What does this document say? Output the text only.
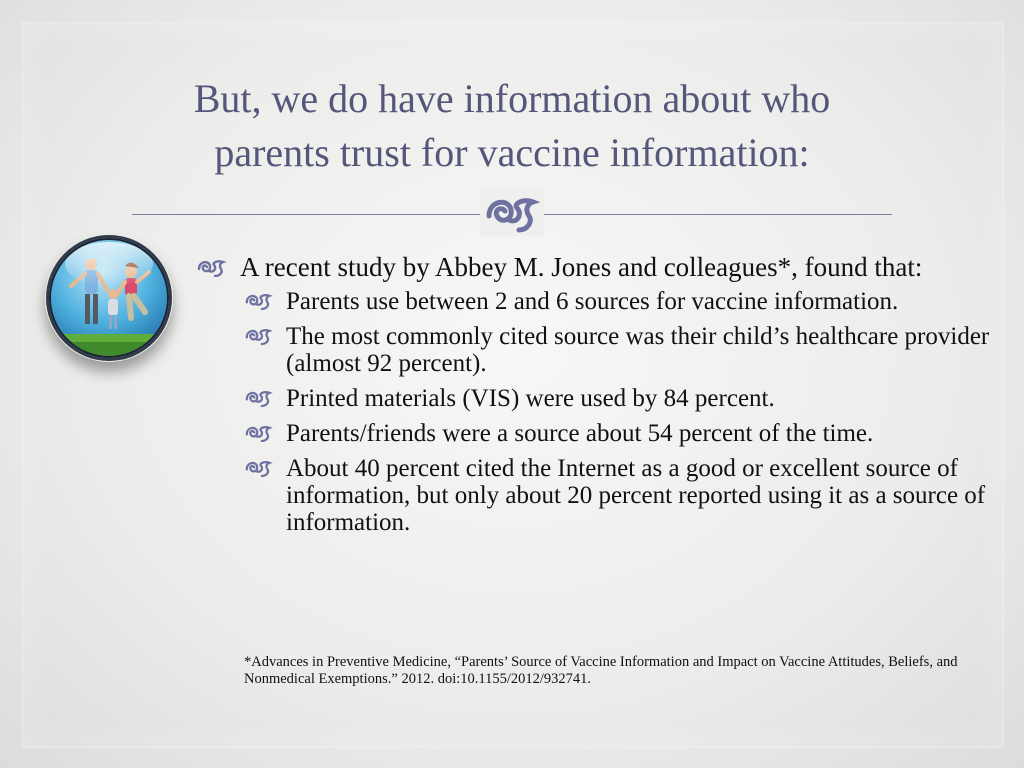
But, we do have information about who
parents trust for vaccine information:
A recent study by Abbey M. Jones and colleagues*, found that:
Parents use between 2 and 6 sources for vaccine information.
The most commonly cited source was their child’s healthcare provider (almost 92 percent).
Printed materials (VIS) were used by 84 percent.
Parents/friends were a source about 54 percent of the time.
About 40 percent cited the Internet as a good or excellent source of information, but only about 20 percent reported using it as a source of information.
*Advances in Preventive Medicine, “Parents’ Source of Vaccine Information and Impact on Vaccine Attitudes, Beliefs, and Nonmedical Exemptions.” 2012. doi:10.1155/2012/932741.
